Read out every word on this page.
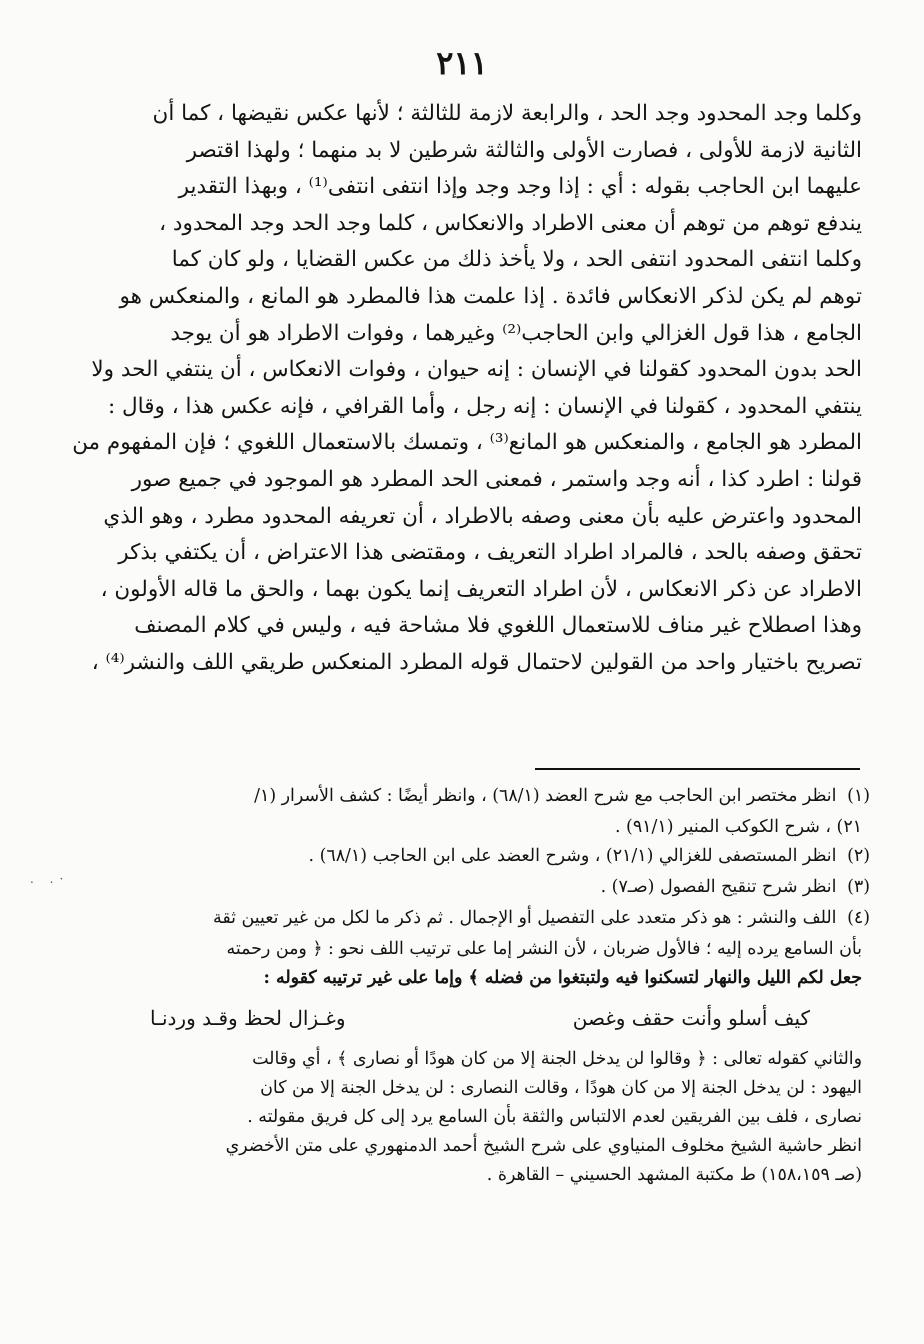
٢١١

وكلما وجد المحدود وجد الحد ، والرابعة لازمة للثالثة ؛ لأنها عكس نقيضها ، كما أن

الثانية لازمة للأولى ، فصارت الأولى والثالثة شرطين لا بد منهما ؛ ولهذا اقتصر

عليهما ابن الحاجب بقوله : أي : إذا وجد وجد وإذا انتفى انتفى⁽¹⁾ ، وبهذا التقدير

يندفع توهم من توهم أن معنى الاطراد والانعكاس ، كلما وجد الحد وجد المحدود ،

وكلما انتفى المحدود انتفى الحد ، ولا يأخذ ذلك من عكس القضايا ، ولو كان كما

توهم لم يكن لذكر الانعكاس فائدة . إذا علمت هذا فالمطرد هو المانع ، والمنعكس هو

الجامع ، هذا قول الغزالي وابن الحاجب⁽²⁾ وغيرهما ، وفوات الاطراد هو أن يوجد

الحد بدون المحدود كقولنا في الإنسان : إنه حيوان ، وفوات الانعكاس ، أن ينتفي الحد ولا

ينتفي المحدود ، كقولنا في الإنسان : إنه رجل ، وأما القرافي ، فإنه عكس هذا ، وقال :

المطرد هو الجامع ، والمنعكس هو المانع⁽³⁾ ، وتمسك بالاستعمال اللغوي ؛ فإن المفهوم من

قولنا : اطرد كذا ، أنه وجد واستمر ، فمعنى الحد المطرد هو الموجود في جميع صور

المحدود واعترض عليه بأن معنى وصفه بالاطراد ، أن تعريفه المحدود مطرد ، وهو الذي

تحقق وصفه بالحد ، فالمراد اطراد التعريف ، ومقتضى هذا الاعتراض ، أن يكتفي بذكر

الاطراد عن ذكر الانعكاس ، لأن اطراد التعريف إنما يكون بهما ، والحق ما قاله الأولون ،

وهذا اصطلاح غير مناف للاستعمال اللغوي فلا مشاحة فيه ، وليس في كلام المصنف

تصريح باختيار واحد من القولين لاحتمال قوله المطرد المنعكس طريقي اللف والنشر⁽⁴⁾ ،

. .·

(١) انظر مختصر ابن الحاجب مع شرح العضد (٦٨/١) ، وانظر أيضًا : كشف الأسرار (١/

٢١) ، شرح الكوكب المنير (٩١/١) .

(٢) انظر المستصفى للغزالي (٢١/١) ، وشرح العضد على ابن الحاجب (٦٨/١) .

(٣) انظر شرح تنقيح الفصول (صـ٧) .

(٤) اللف والنشر : هو ذكر متعدد على التفصيل أو الإجمال . ثم ذكر ما لكل من غير تعيين ثقة

بأن السامع يرده إليه ؛ فالأول ضربان ، لأن النشر إما على ترتيب اللف نحو : ﴿ ومن رحمته

جعل لكم الليل والنهار لتسكنوا فيه ولتبتغوا من فضله ﴾ وإما على غير ترتيبه كقوله :

كيف أسلو وأنت حقف وغصن
وغـزال لحظ وقـد وردنـا

والثاني كقوله تعالى : ﴿ وقالوا لن يدخل الجنة إلا من كان هودًا أو نصارى ﴾ ، أي وقالت

اليهود : لن يدخل الجنة إلا من كان هودًا ، وقالت النصارى : لن يدخل الجنة إلا من كان

نصارى ، فلف بين الفريقين لعدم الالتباس والثقة بأن السامع يرد إلى كل فريق مقولته .

انظر حاشية الشيخ مخلوف المنياوي على شرح الشيخ أحمد الدمنهوري على متن الأخضري

(صـ ١٥٨،١٥٩) ط مكتبة المشهد الحسيني – القاهرة .
